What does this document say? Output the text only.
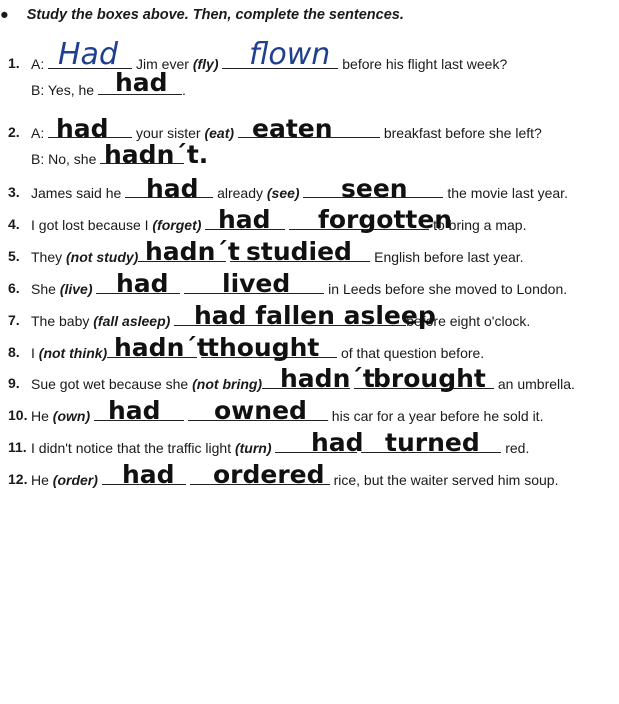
● Study the boxes above. Then, complete the sentences.
1. A:	Jim ever (fly)	before his flight last week?
B: Yes, he	.
Had	flown
had
2. A:	your sister (eat)	breakfast before she left?
B: No, she
had	eaten
hadn´t.
3. James said he	already (see)	the movie last year.
had	seen
4. I got lost because I (forget)	to bring a map.
had forgotten
5. They (not study)	English before last year.
hadn´t studied
6. She (live)	in Leeds before she moved to London.
had lived
7. The baby (fall asleep)	before eight o'clock.
had fallen asleep
8. I (not think)	of that question before.
hadn´t
thought
9. Sue got wet because she (not bring)	an umbrella.
hadn´t
brought
10. He (own)	his car for a year before he sold it.
had owned
11. I didn't notice that the traffic light (turn)	red.
had turned
12. He (order)	rice, but the waiter served him soup.
had ordered
